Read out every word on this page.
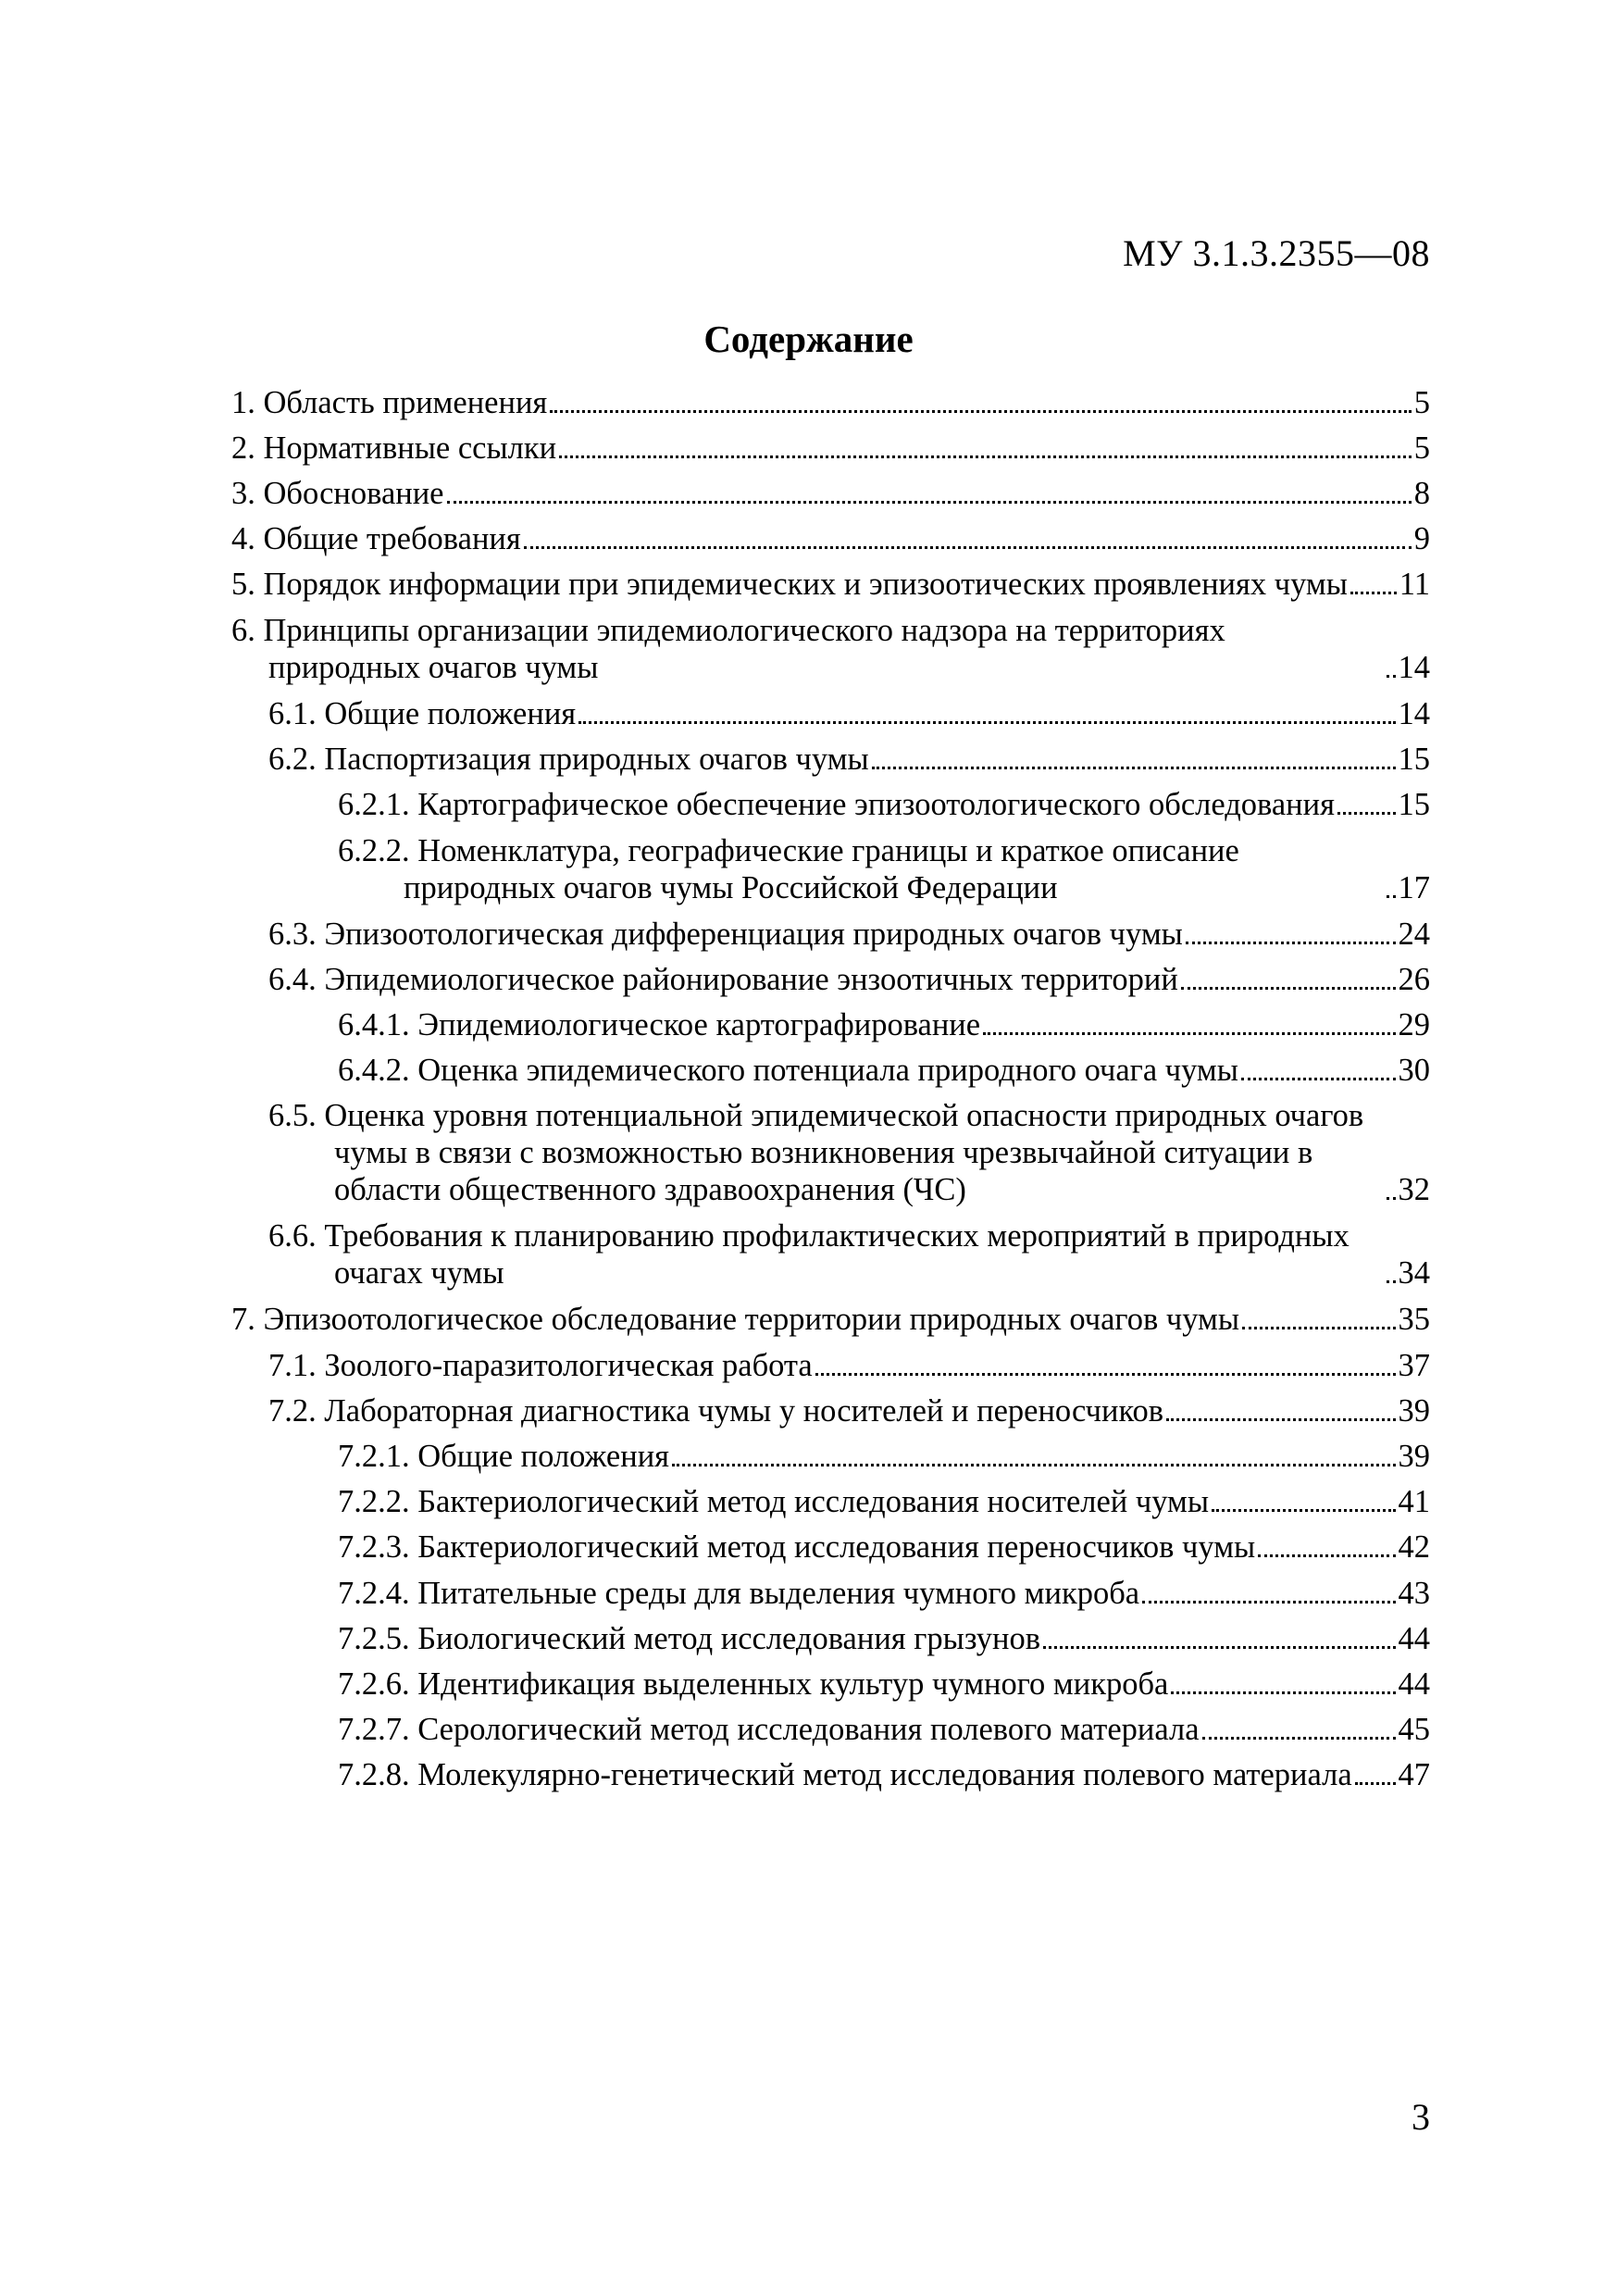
МУ 3.1.3.2355—08
Содержание
1. Область применения	5
2. Нормативные ссылки	5
3. Обоснование	8
4. Общие требования	9
5. Порядок информации при эпидемических и эпизоотических проявлениях чумы 11
6. Принципы организации эпидемиологического надзора на территориях природных очагов чумы	14
6.1. Общие положения	14
6.2. Паспортизация природных очагов чумы	15
6.2.1. Картографическое обеспечение эпизоотологического обследования 15
6.2.2. Номенклатура, географические границы и краткое описание природных очагов чумы Российской Федерации	17
6.3. Эпизоотологическая дифференциация природных очагов чумы	24
6.4. Эпидемиологическое районирование энзоотичных территорий	26
6.4.1. Эпидемиологическое картографирование	29
6.4.2. Оценка эпидемического потенциала природного очага чумы	30
6.5. Оценка уровня потенциальной эпидемической опасности природных очагов чумы в связи с возможностью возникновения чрезвычайной ситуации в области общественного здравоохранения (ЧС)	32
6.6. Требования к планированию профилактических мероприятий в природных очагах чумы	34
7. Эпизоотологическое обследование территории природных очагов чумы	35
7.1. Зоолого-паразитологическая работа	37
7.2. Лабораторная диагностика чумы у носителей и переносчиков	39
7.2.1. Общие положения	39
7.2.2. Бактериологический метод исследования носителей чумы	41
7.2.3. Бактериологический метод исследования переносчиков чумы	42
7.2.4. Питательные среды для выделения чумного микроба	43
7.2.5. Биологический метод исследования грызунов	44
7.2.6. Идентификация выделенных культур чумного микроба	44
7.2.7. Серологический метод исследования полевого материала	45
7.2.8. Молекулярно-генетический метод исследования полевого материала 47
3
